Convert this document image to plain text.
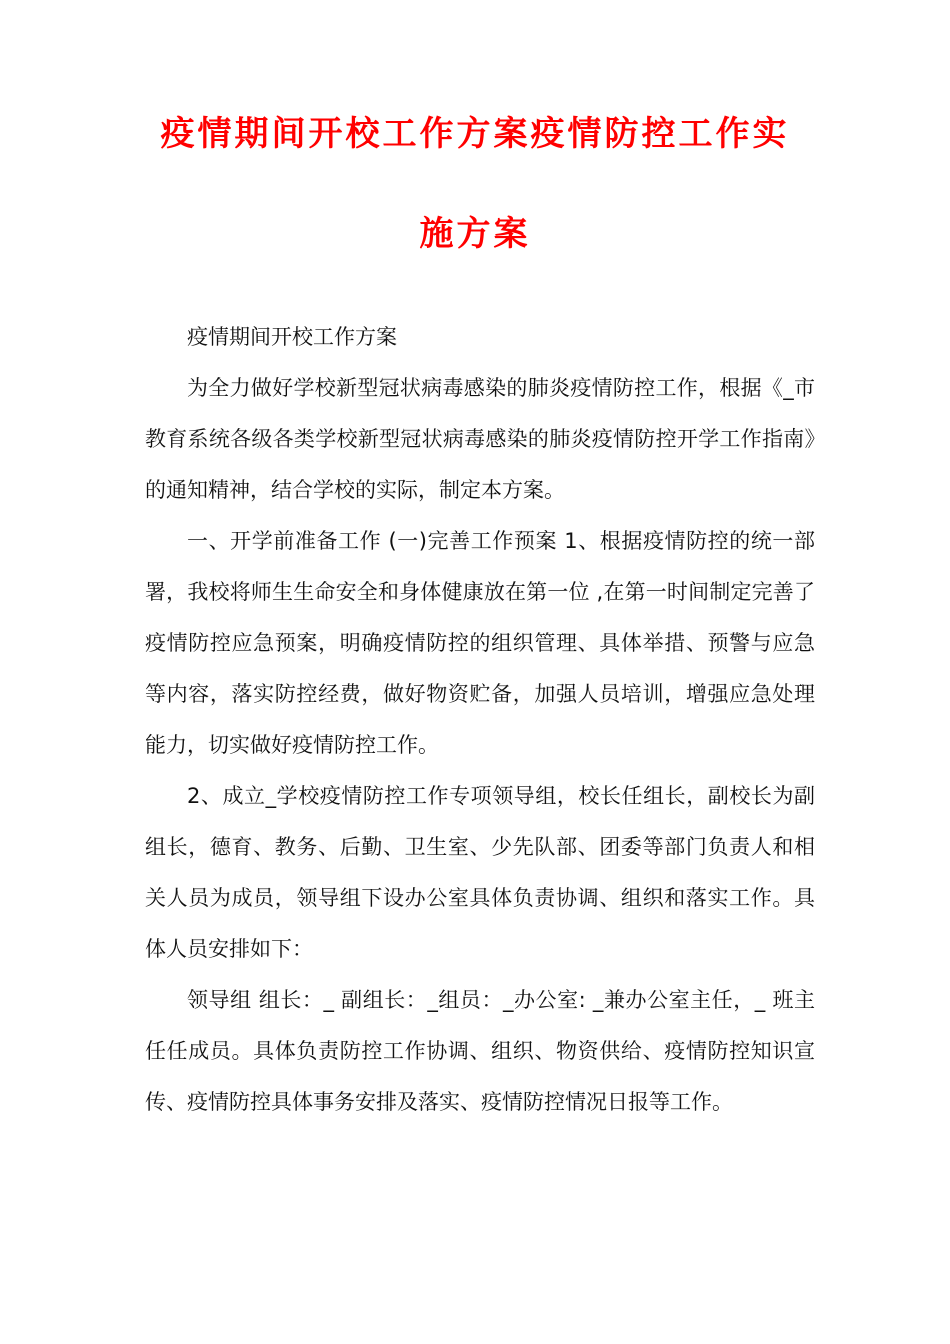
疫情期间开校工作方案疫情防控工作实
施方案

疫情期间开校工作方案

为全力做好学校新型冠状病毒感染的肺炎疫情防控工作，根据《_市教育系统各级各类学校新型冠状病毒感染的肺炎疫情防控开学工作指南》的通知精神，结合学校的实际，制定本方案。

一、开学前准备工作 (一)完善工作预案 1、根据疫情防控的统一部署，我校将师生生命安全和身体健康放在第一位 ,在第一时间制定完善了疫情防控应急预案，明确疫情防控的组织管理、具体举措、预警与应急等内容，落实防控经费，做好物资贮备，加强人员培训，增强应急处理能力，切实做好疫情防控工作。

2、成立_学校疫情防控工作专项领导组，校长任组长，副校长为副组长，德育、教务、后勤、卫生室、少先队部、团委等部门负责人和相关人员为成员，领导组下设办公室具体负责协调、组织和落实工作。具体人员安排如下：

领导组 组长：_ 副组长：_组员：_办公室: _兼办公室主任，_ 班主任任成员。具体负责防控工作协调、组织、物资供给、疫情防控知识宣传、疫情防控具体事务安排及落实、疫情防控情况日报等工作。
